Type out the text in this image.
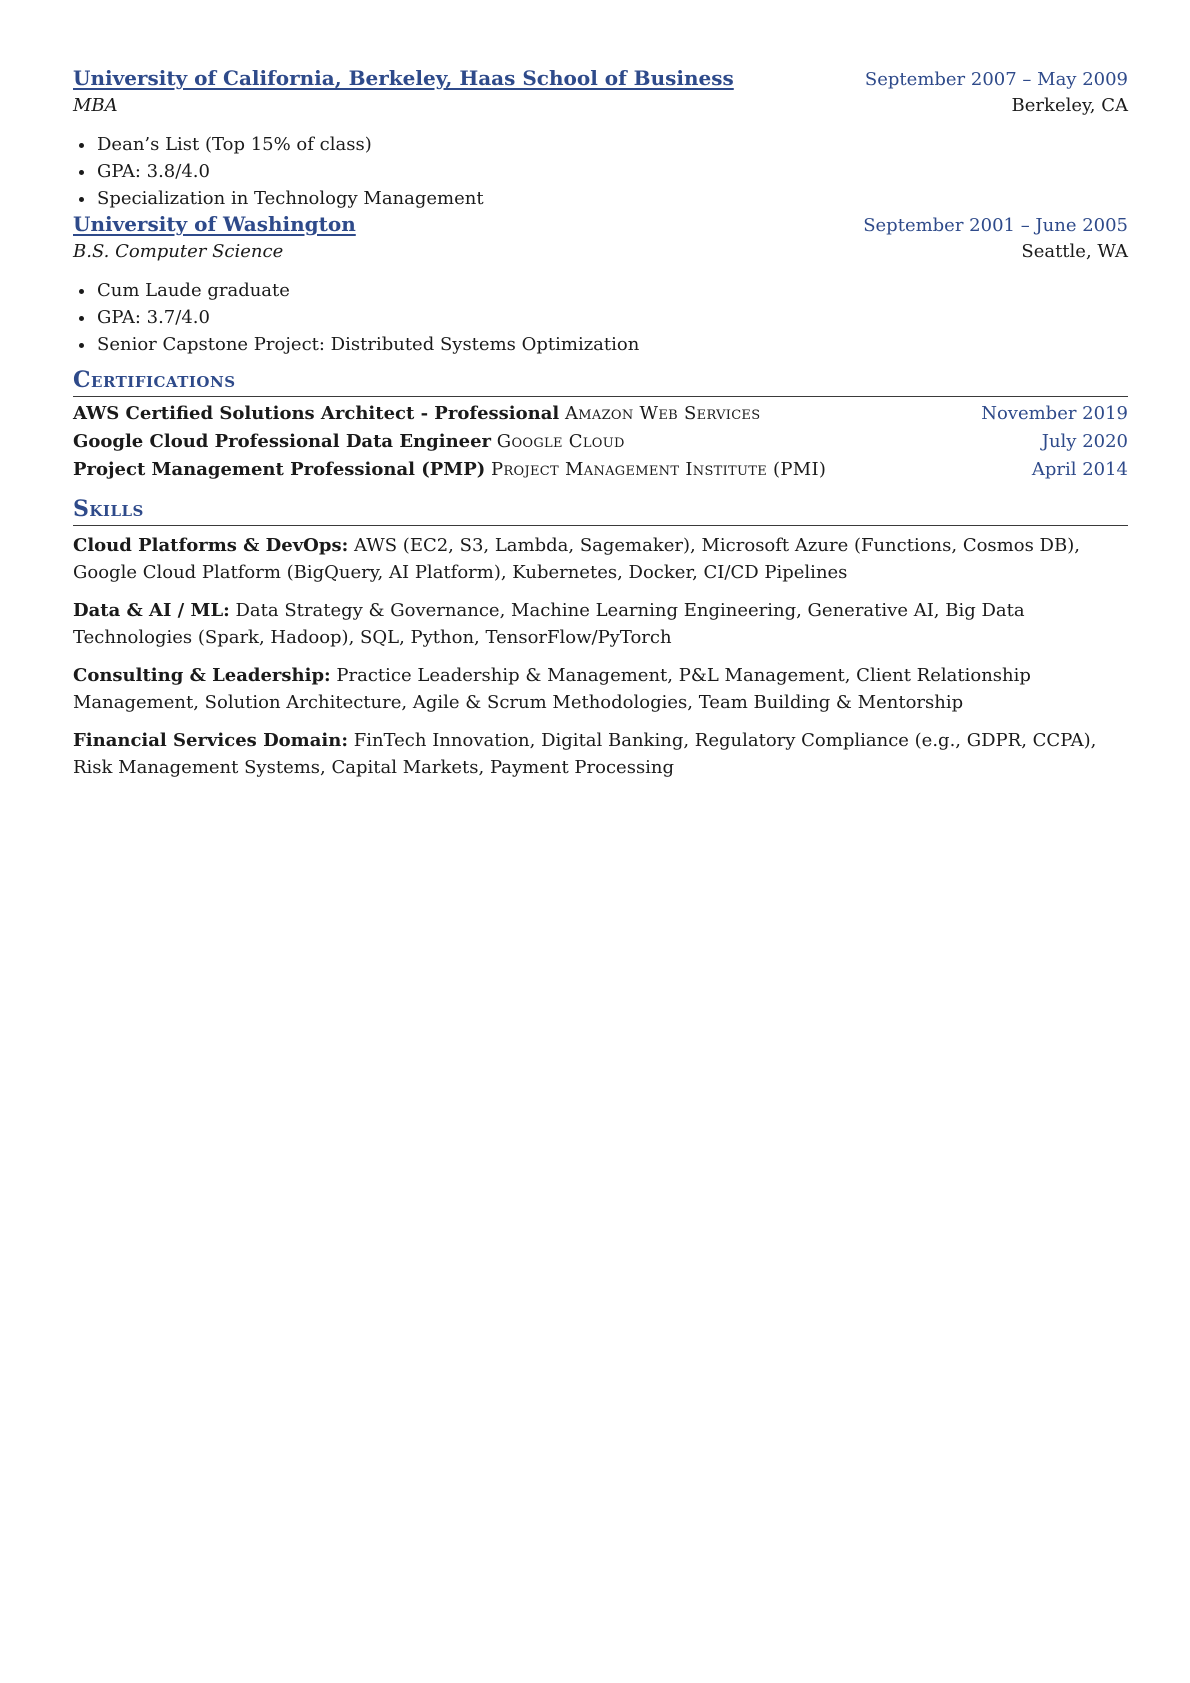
University of California, Berkeley, Haas School of Business	September 2007 – May 2009
MBA	Berkeley, CA
Dean’s List (Top 15% of class)
GPA: 3.8/4.0
Specialization in Technology Management
University of Washington	September 2001 – June 2005
B.S. Computer Science	Seattle, WA
Cum Laude graduate
GPA: 3.7/4.0
Senior Capstone Project: Distributed Systems Optimization
Certifications
AWS Certified Solutions Architect - Professional Amazon Web Services	November 2019
Google Cloud Professional Data Engineer Google Cloud	July 2020
Project Management Professional (PMP) Project Management Institute (PMI)	April 2014
Skills

Cloud Platforms & DevOps: AWS (EC2, S3, Lambda, Sagemaker), Microsoft Azure (Functions, Cosmos DB), Google Cloud Platform (BigQuery, AI Platform), Kubernetes, Docker, CI/CD Pipelines

Data & AI / ML: Data Strategy & Governance, Machine Learning Engineering, Generative AI, Big Data Technologies (Spark, Hadoop), SQL, Python, TensorFlow/PyTorch

Consulting & Leadership: Practice Leadership & Management, P&L Management, Client Relationship Management, Solution Architecture, Agile & Scrum Methodologies, Team Building & Mentorship

Financial Services Domain: FinTech Innovation, Digital Banking, Regulatory Compliance (e.g., GDPR, CCPA), Risk Management Systems, Capital Markets, Payment Processing
